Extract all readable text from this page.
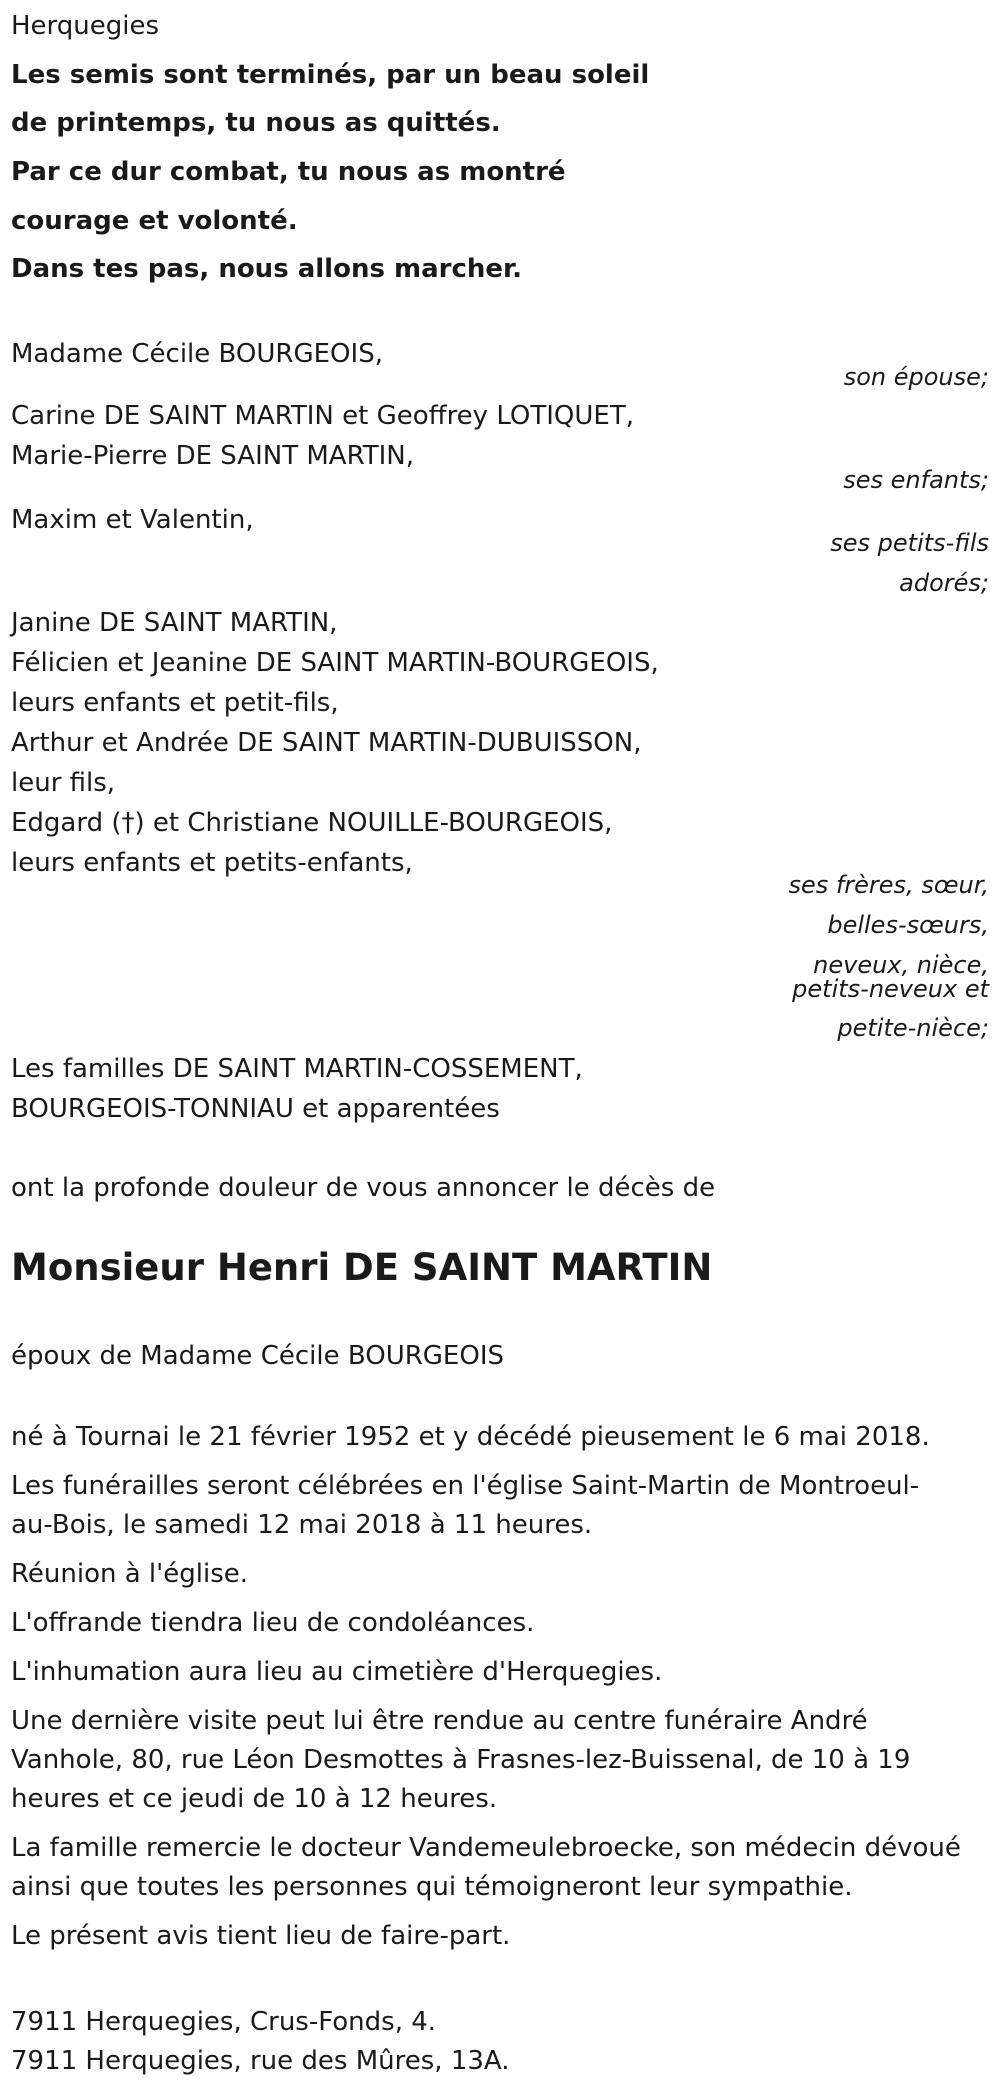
Herquegies
Les semis sont terminés, par un beau soleil
de printemps, tu nous as quittés.
Par ce dur combat, tu nous as montré
courage et volonté.
Dans tes pas, nous allons marcher.
Madame Cécile BOURGEOIS,
son épouse;
Carine DE SAINT MARTIN et Geoffrey LOTIQUET,
Marie-Pierre DE SAINT MARTIN,
ses enfants;
Maxim et Valentin,
ses petits-fils
adorés;
Janine DE SAINT MARTIN,
Félicien et Jeanine DE SAINT MARTIN-BOURGEOIS,
leurs enfants et petit-fils,
Arthur et Andrée DE SAINT MARTIN-DUBUISSON,
leur fils,
Edgard (†) et Christiane NOUILLE-BOURGEOIS,
leurs enfants et petits-enfants,
ses frères, sœur,
belles-sœurs,
neveux, nièce,
petits-neveux et
petite-nièce;
Les familles DE SAINT MARTIN-COSSEMENT,
BOURGEOIS-TONNIAU et apparentées
ont la profonde douleur de vous annoncer le décès de
Monsieur Henri DE SAINT MARTIN
époux de Madame Cécile BOURGEOIS
né à Tournai le 21 février 1952 et y décédé pieusement le 6 mai 2018.
Les funérailles seront célébrées en l'église Saint-Martin de Montroeul-
au-Bois, le samedi 12 mai 2018 à 11 heures.
Réunion à l'église.
L'offrande tiendra lieu de condoléances.
L'inhumation aura lieu au cimetière d'Herquegies.
Une dernière visite peut lui être rendue au centre funéraire André
Vanhole, 80, rue Léon Desmottes à Frasnes-lez-Buissenal, de 10 à 19
heures et ce jeudi de 10 à 12 heures.
La famille remercie le docteur Vandemeulebroecke, son médecin dévoué
ainsi que toutes les personnes qui témoigneront leur sympathie.
Le présent avis tient lieu de faire-part.
7911 Herquegies, Crus-Fonds, 4.
7911 Herquegies, rue des Mûres, 13A.
